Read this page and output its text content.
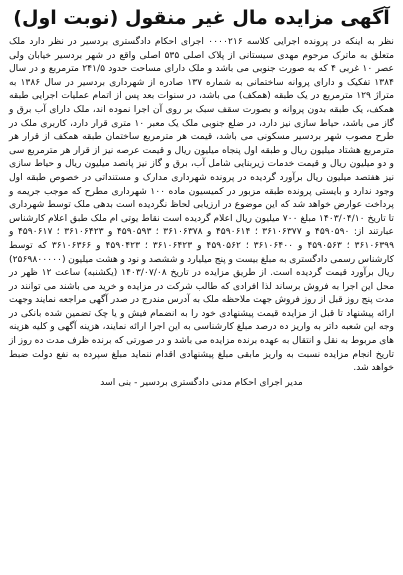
آگهی مزایده مال غیر منقول (نوبت اول)

نظر به اینکه در پرونده اجرایی کلاسه ۰۰۰۰۲۱۶ اجرای احکام دادگستری بردسیر در نظر دارد ملک متعلق به ماترک مرحوم مهدی سیستانی از پلاک اصلی ۵۳۵ اصلی واقع در شهر بردسیر خیابان ولی عصر ۱۰ غربی ۴ که به صورت جنوبی می باشد و ملک دارای مساحت حدود ۲۴۱/۵ مترمربع و در سال ۱۳۸۴ تفکیک و دارای پروانه ساختمانی به شماره ۱۳۷ صادره از شهرداری بردسیر در سال ۱۳۸۶ به متراژ ۱۲۹ مترمربع در یک طبقه (همکف) می باشد، در سنوات بعد پس از اتمام عملیات اجرایی طبقه همکف، یک طبقه بدون پروانه و بصورت سقف سبک بر روی آن اجرا نموده اند، ملک دارای آب برق و گاز می باشد، حیاط سازی نیز دارد، در ضلع جنوبی ملک یک معبر ۱۰ متری قرار دارد، کاربری ملک در طرح مصوب شهر بردسیر مسکونی می باشد، قیمت هر مترمربع ساختمان طبقه همکف از قرار هر مترمربع هشتاد میلیون ریال و طبقه اول پنجاه میلیون ریال و قیمت عرصه نیز از قرار هر مترمربع سی و دو میلیون ریال و قیمت خدمات زیربنایی شامل آب، برق و گاز نیز پانصد میلیون ریال و حیاط سازی نیز هفتصد میلیون ریال برآورد گردیده در پرونده شهرداری مدارک و مستنداتی در خصوص طبقه اول وجود ندارد و بایستی پرونده طبقه مزبور در کمیسیون ماده ۱۰۰ شهرداری مطرح که موجب جریمه و پرداخت عوارض خواهد شد که این موضوع در ارزیابی لحاظ نگردیده است بدهی ملک توسط شهرداری تا تاریخ ۱۴۰۳/۰۴/۱۰ مبلغ ۷۰۰ میلیون ریال اعلام گردیده است نقاط یوتی ام ملک طبق اعلام کارشناس عبارتند از: ۴۵۹۰۵۹۰ و ۳۶۱۰۶۳۷۷ ؛ ۴۵۹۰۶۱۴ و ۳۶۱۰۶۳۷۸ ؛ ۴۵۹۰۵۹۳ و ۳۶۱۰۶۴۲۳ ؛ ۴۵۹۰۶۱۷ و ۳۶۱۰۶۳۹۹ ؛ ۴۵۹۰۵۶۳ و ۳۶۱۰۶۴۰۰ ؛ ۴۵۹۰۵۶۲ و ۳۶۱۰۶۴۲۳ ؛ ۴۵۹۰۴۲۳ و ۳۶۱۰۶۳۶۶ که توسط کارشناس رسمی دادگستری به مبلغ بیست و پنج میلیارد و ششصد و نود و هشت میلیون (۲۵۶۹۸۰۰۰۰۰) ریال برآورد قیمت گردیده است. از طریق مزایده در تاریخ ۱۴۰۳/۰۷/۰۸ (یکشنبه) ساعت ۱۲ ظهر در محل این اجرا به فروش برساند لذا افرادی که طالب شرکت در مزایده و خرید می باشند می توانند در مدت پنج روز قبل از روز فروش جهت ملاحظه ملک به آدرس مندرج در صدر آگهی مراجعه نمایند وجهت ارائه پیشنهاد تا قبل از مزایده قیمت پیشنهادی خود را به انضمام فیش و یا چک تضمین شده بانکی در وجه این شعبه داتر به واریز ده درصد مبلغ کارشناسی به این اجرا ارائه نمایند، هزینه آگهی و کلیه هزینه های مربوط به نقل و انتقال به عهده برنده مزایده می باشد و در صورتی که برنده ظرف مدت ده روز از تاریخ انجام مزایده نسبت به واریز مابقی مبلغ پیشنهادی اقدام ننماید مبلغ سپرده به نفع دولت ضبط خواهد شد.

مدیر اجرای احکام مدنی دادگستری بردسیر - بنی اسد
